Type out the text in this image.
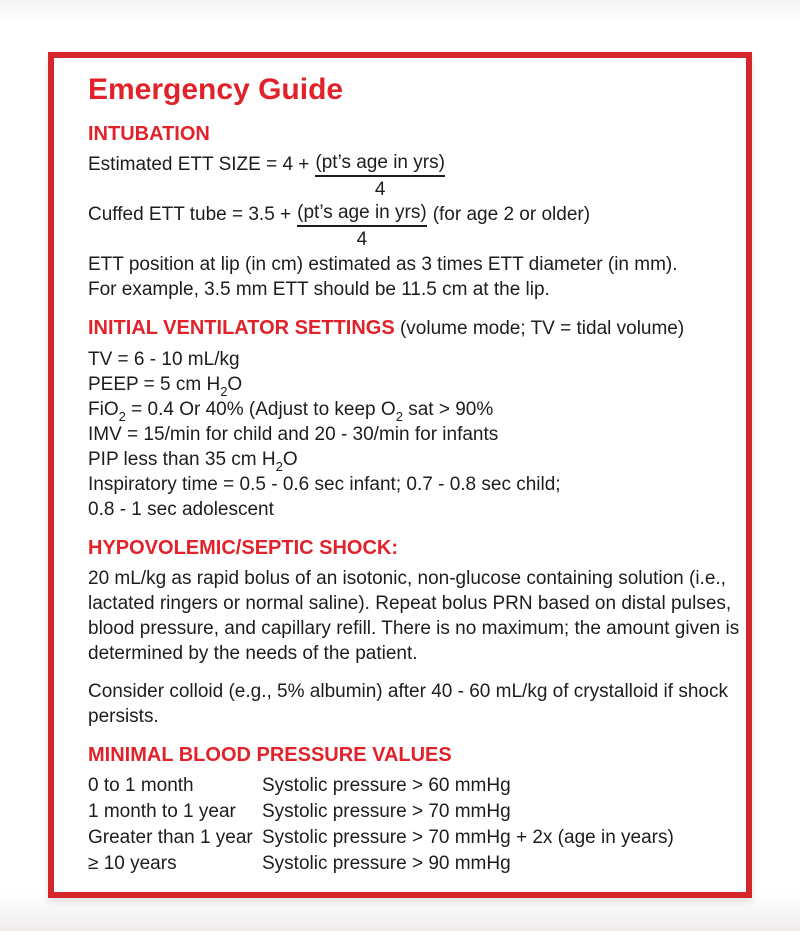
Emergency Guide
INTUBATION
Estimated ETT SIZE = $4 + \frac{\text{(pt’s age in yrs)}}{4}$
Cuffed ETT tube = $3.5 + \frac{\text{(pt’s age in yrs)}}{4} (for$ age 2 or older)
ETT position at lip (in cm) estimated as 3 times ETT diameter (in mm).
For example, 3.5 mm ETT should be 11.5 cm at the lip.
INITIAL VENTILATOR SETTINGS (volume mode; TV = tidal volume)
TV = 6 - 10 mL/kg
PEEP = 5 cm $H_2O$
FiO$_2$ = 0.4 Or 40% (Adjust to keep $O_2$ sat > 90%
IMV = 15/min for child and 20 - 30/min for infants
PIP less than 35 cm $H_2O$
Inspiratory time = 0.5 - 0.6 sec infant; 0.7 - 0.8 sec child;
0.8 - 1 sec adolescent
HYPOVOLEMIC/SEPTIC SHOCK:
20 mL/kg as rapid bolus of an isotonic, non-glucose containing solution (i.e.,
lactated ringers or normal saline). Repeat bolus PRN based on distal pulses,
blood pressure, and capillary refill. There is no maximum; the amount given is
determined by the needs of the patient.
Consider colloid (e.g., 5% albumin) after 40 - 60 mL/kg of crystalloid if shock
persists.
MINIMAL BLOOD PRESSURE VALUES
0 to 1 month	Systolic pressure > 60 mmHg
1 month to 1 year	Systolic pressure > 70 mmHg
Greater than 1 year Systolic pressure > 70 mmHg + 2x (age in years)
≥ 10 years	Systolic pressure > 90 mmHg
